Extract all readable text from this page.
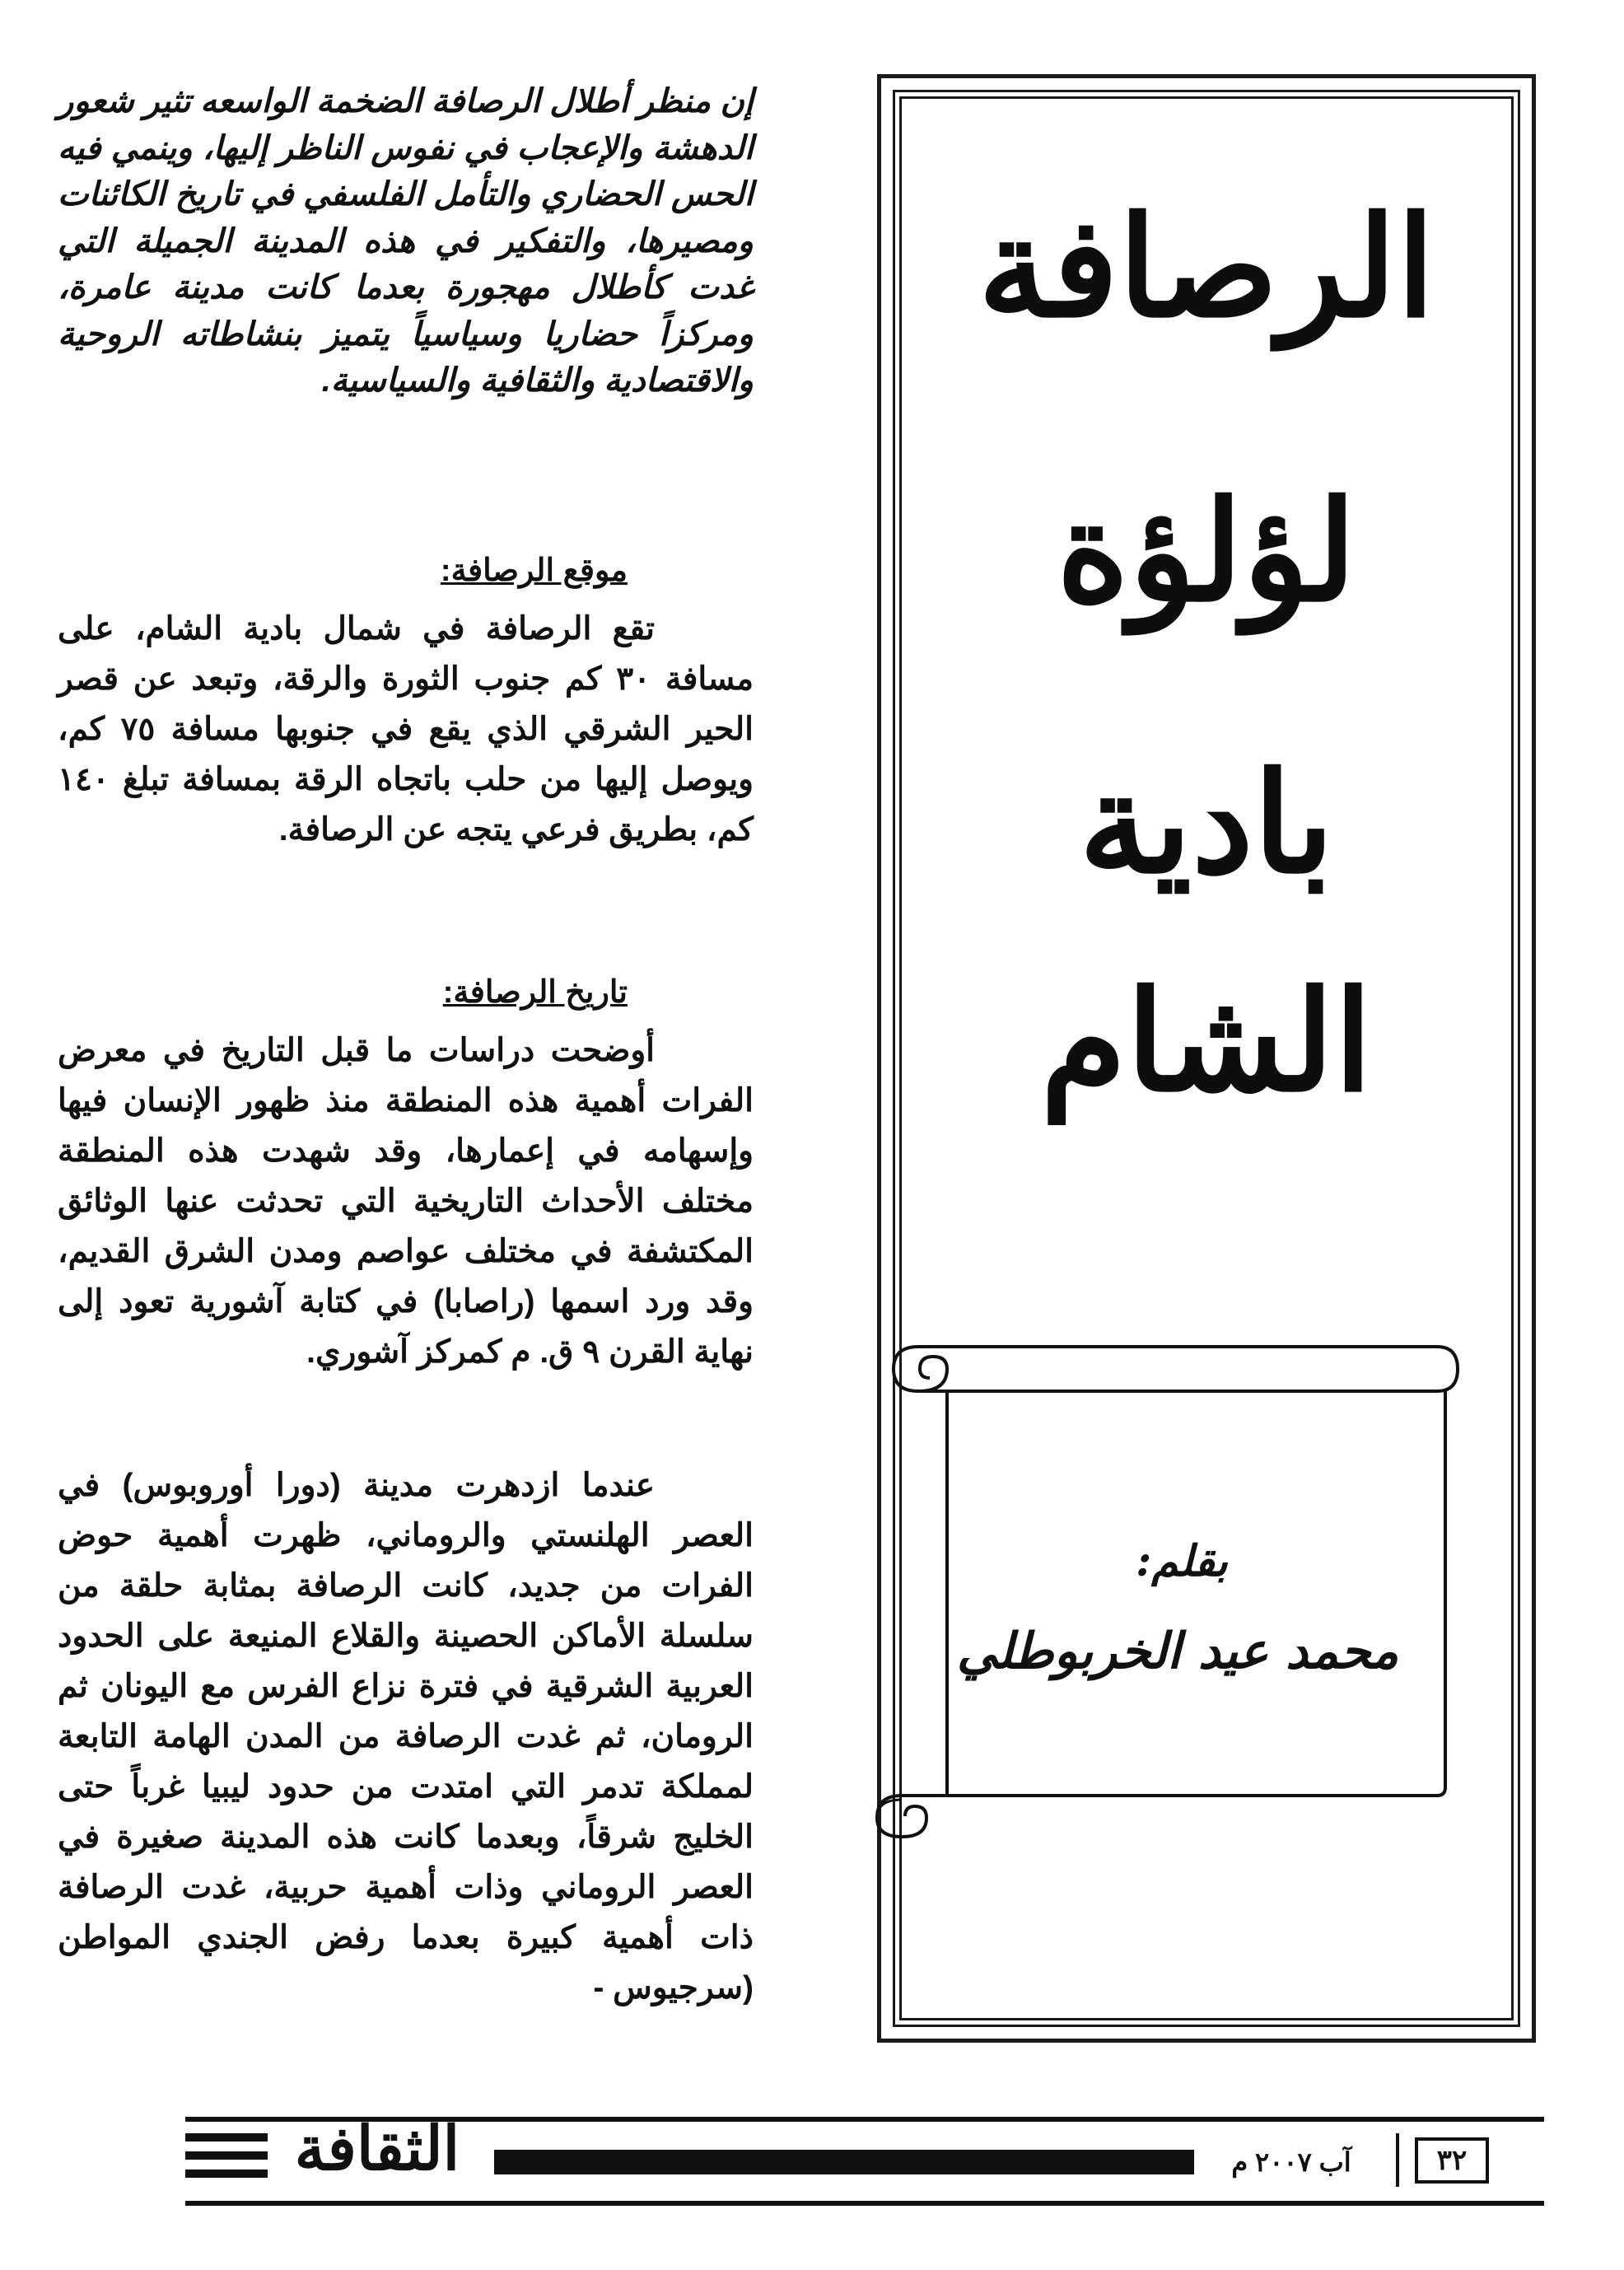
الرصافة
لؤلؤة
بادية
الشام
بقلم:
محمد عيد الخربوطلي
إن منظر أطلال الرصافة الضخمة الواسعه تثير شعور الدهشة والإعجاب في نفوس الناظر إليها، وينمي فيه الحس الحضاري والتأمل الفلسفي في تاريخ الكائنات ومصيرها، والتفكير في هذه المدينة الجميلة التي غدت كأطلال مهجورة بعدما كانت مدينة عامرة، ومركزاً حضاريا وسياسياً يتميز بنشاطاته الروحية والاقتصادية والثقافية والسياسية.
موقع الرصافة:
تقع الرصافة في شمال بادية الشام، على مسافة ٣٠ كم جنوب الثورة والرقة، وتبعد عن قصر الحير الشرقي الذي يقع في جنوبها مسافة ٧٥ كم، ويوصل إليها من حلب باتجاه الرقة بمسافة تبلغ ١٤٠ كم، بطريق فرعي يتجه عن الرصافة.
تاريخ الرصافة:
أوضحت دراسات ما قبل التاريخ في معرض الفرات أهمية هذه المنطقة منذ ظهور الإنسان فيها وإسهامه في إعمارها، وقد شهدت هذه المنطقة مختلف الأحداث التاريخية التي تحدثت عنها الوثائق المكتشفة في مختلف عواصم ومدن الشرق القديم، وقد ورد اسمها (راصابا) في كتابة آشورية تعود إلى نهاية القرن ٩ ق. م كمركز آشوري.
عندما ازدهرت مدينة (دورا أوروبوس) في العصر الهلنستي والروماني، ظهرت أهمية حوض الفرات من جديد، كانت الرصافة بمثابة حلقة من سلسلة الأماكن الحصينة والقلاع المنيعة على الحدود العربية الشرقية في فترة نزاع الفرس مع اليونان ثم الرومان، ثم غدت الرصافة من المدن الهامة التابعة لمملكة تدمر التي امتدت من حدود ليبيا غرباً حتى الخليج شرقاً، وبعدما كانت هذه المدينة صغيرة في العصر الروماني وذات أهمية حربية، غدت الرصافة ذات أهمية كبيرة بعدما رفض الجندي المواطن (سرجيوس -
الثقافة	آب ٢٠٠٧ م	٣٢
